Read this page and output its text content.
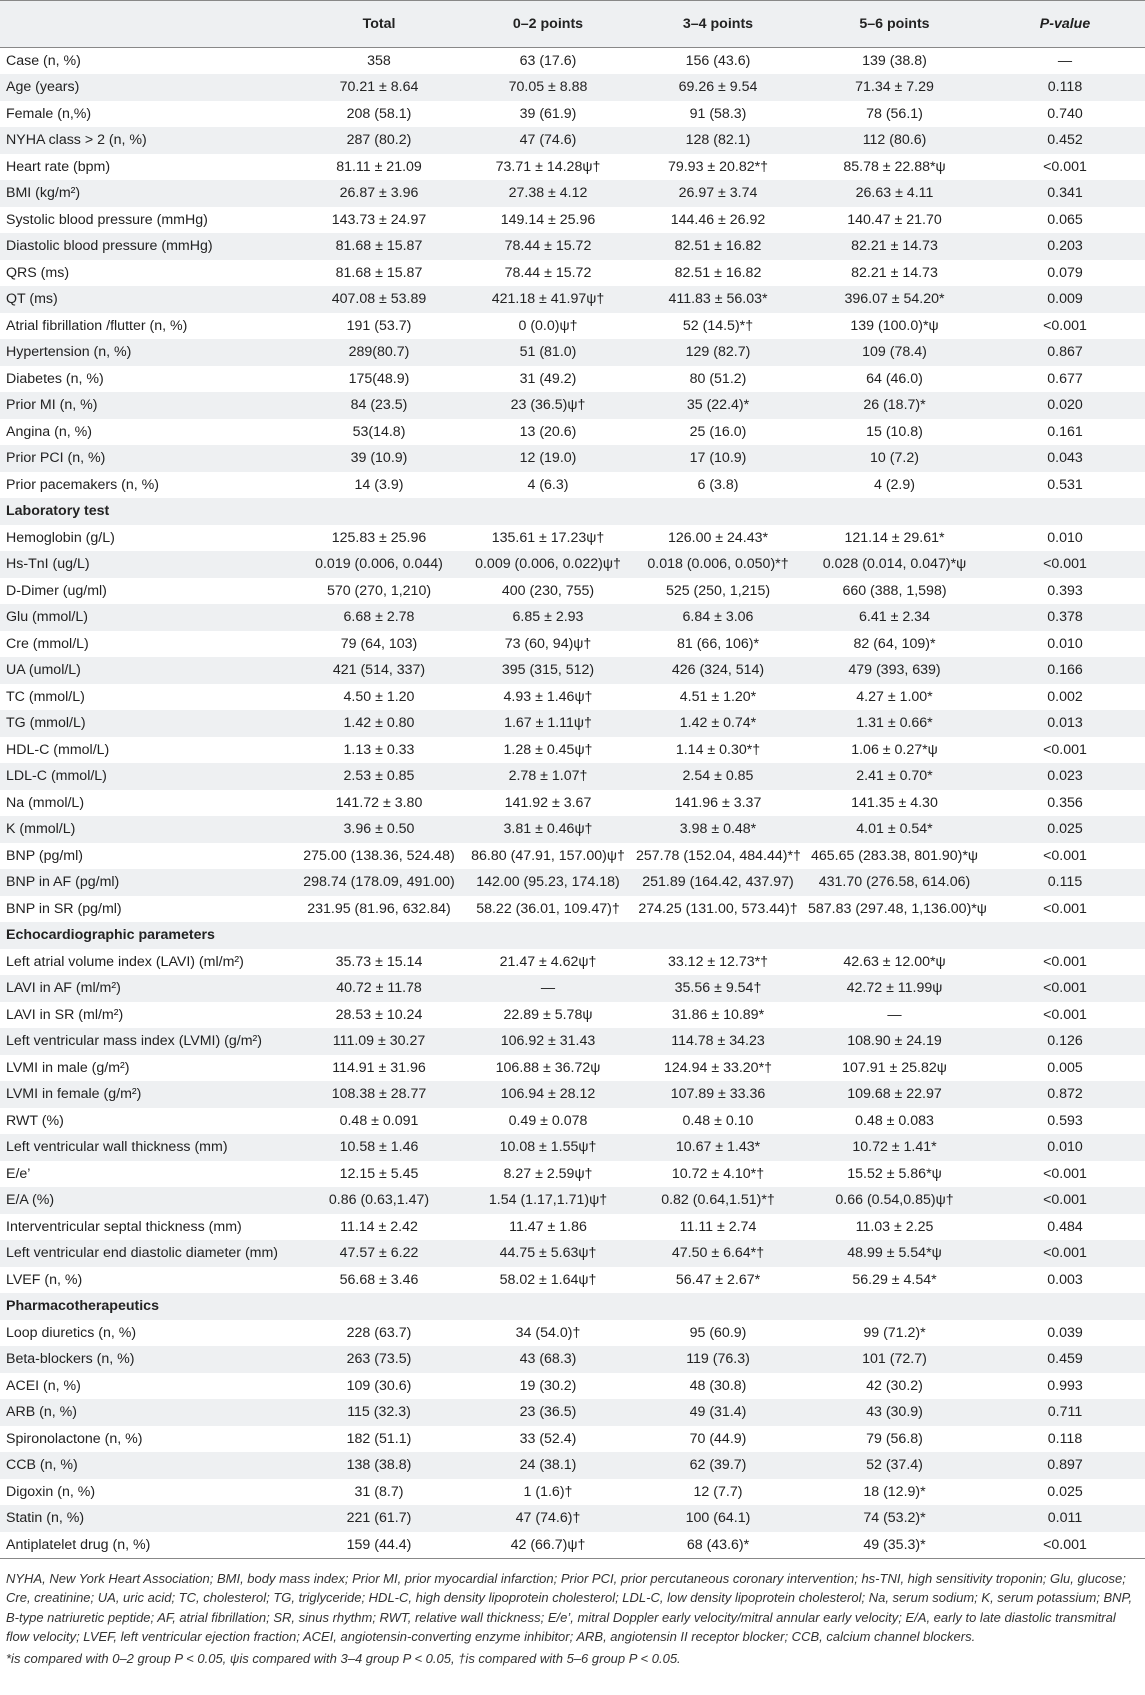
	Total	0–2 points	3–4 points	5–6 points	P-value
Case (n, %)	358	63 (17.6)	156 (43.6)	139 (38.8)	—
Age (years)	70.21 ± 8.64	70.05 ± 8.88	69.26 ± 9.54	71.34 ± 7.29	0.118
Female (n,%)	208 (58.1)	39 (61.9)	91 (58.3)	78 (56.1)	0.740
NYHA class > 2 (n, %)	287 (80.2)	47 (74.6)	128 (82.1)	112 (80.6)	0.452
Heart rate (bpm)	81.11 ± 21.09	73.71 ± 14.28ψ†	79.93 ± 20.82*†	85.78 ± 22.88*ψ	<0.001
BMI (kg/m²)	26.87 ± 3.96	27.38 ± 4.12	26.97 ± 3.74	26.63 ± 4.11	0.341
Systolic blood pressure (mmHg)	143.73 ± 24.97	149.14 ± 25.96	144.46 ± 26.92	140.47 ± 21.70	0.065
Diastolic blood pressure (mmHg)	81.68 ± 15.87	78.44 ± 15.72	82.51 ± 16.82	82.21 ± 14.73	0.203
QRS (ms)	81.68 ± 15.87	78.44 ± 15.72	82.51 ± 16.82	82.21 ± 14.73	0.079
QT (ms)	407.08 ± 53.89	421.18 ± 41.97ψ†	411.83 ± 56.03*	396.07 ± 54.20*	0.009
Atrial fibrillation /flutter (n, %)	191 (53.7)	0 (0.0)ψ†	52 (14.5)*†	139 (100.0)*ψ	<0.001
Hypertension (n, %)	289(80.7)	51 (81.0)	129 (82.7)	109 (78.4)	0.867
Diabetes (n, %)	175(48.9)	31 (49.2)	80 (51.2)	64 (46.0)	0.677
Prior MI (n, %)	84 (23.5)	23 (36.5)ψ†	35 (22.4)*	26 (18.7)*	0.020
Angina (n, %)	53(14.8)	13 (20.6)	25 (16.0)	15 (10.8)	0.161
Prior PCI (n, %)	39 (10.9)	12 (19.0)	17 (10.9)	10 (7.2)	0.043
Prior pacemakers (n, %)	14 (3.9)	4 (6.3)	6 (3.8)	4 (2.9)	0.531
Laboratory test					
Hemoglobin (g/L)	125.83 ± 25.96	135.61 ± 17.23ψ†	126.00 ± 24.43*	121.14 ± 29.61*	0.010
Hs-TnI (ug/L)	0.019 (0.006, 0.044)	0.009 (0.006, 0.022)ψ†	0.018 (0.006, 0.050)*†	0.028 (0.014, 0.047)*ψ	<0.001
D-Dimer (ug/ml)	570 (270, 1,210)	400 (230, 755)	525 (250, 1,215)	660 (388, 1,598)	0.393
Glu (mmol/L)	6.68 ± 2.78	6.85 ± 2.93	6.84 ± 3.06	6.41 ± 2.34	0.378
Cre (mmol/L)	79 (64, 103)	73 (60, 94)ψ†	81 (66, 106)*	82 (64, 109)*	0.010
UA (umol/L)	421 (514, 337)	395 (315, 512)	426 (324, 514)	479 (393, 639)	0.166
TC (mmol/L)	4.50 ± 1.20	4.93 ± 1.46ψ†	4.51 ± 1.20*	4.27 ± 1.00*	0.002
TG (mmol/L)	1.42 ± 0.80	1.67 ± 1.11ψ†	1.42 ± 0.74*	1.31 ± 0.66*	0.013
HDL-C (mmol/L)	1.13 ± 0.33	1.28 ± 0.45ψ†	1.14 ± 0.30*†	1.06 ± 0.27*ψ	<0.001
LDL-C (mmol/L)	2.53 ± 0.85	2.78 ± 1.07†	2.54 ± 0.85	2.41 ± 0.70*	0.023
Na (mmol/L)	141.72 ± 3.80	141.92 ± 3.67	141.96 ± 3.37	141.35 ± 4.30	0.356
K (mmol/L)	3.96 ± 0.50	3.81 ± 0.46ψ†	3.98 ± 0.48*	4.01 ± 0.54*	0.025
BNP (pg/ml)	275.00 (138.36, 524.48)	86.80 (47.91, 157.00)ψ†	257.78 (152.04, 484.44)*†	465.65 (283.38, 801.90)*ψ	<0.001
BNP in AF (pg/ml)	298.74 (178.09, 491.00)	142.00 (95.23, 174.18)	251.89 (164.42, 437.97)	431.70 (276.58, 614.06)	0.115
BNP in SR (pg/ml)	231.95 (81.96, 632.84)	58.22 (36.01, 109.47)†	274.25 (131.00, 573.44)†	587.83 (297.48, 1,136.00)*ψ	<0.001
Echocardiographic parameters					
Left atrial volume index (LAVI) (ml/m²)	35.73 ± 15.14	21.47 ± 4.62ψ†	33.12 ± 12.73*†	42.63 ± 12.00*ψ	<0.001
LAVI in AF (ml/m²)	40.72 ± 11.78	—	35.56 ± 9.54†	42.72 ± 11.99ψ	<0.001
LAVI in SR (ml/m²)	28.53 ± 10.24	22.89 ± 5.78ψ	31.86 ± 10.89*	—	<0.001
Left ventricular mass index (LVMI) (g/m²)	111.09 ± 30.27	106.92 ± 31.43	114.78 ± 34.23	108.90 ± 24.19	0.126
LVMI in male (g/m²)	114.91 ± 31.96	106.88 ± 36.72ψ	124.94 ± 33.20*†	107.91 ± 25.82ψ	0.005
LVMI in female (g/m²)	108.38 ± 28.77	106.94 ± 28.12	107.89 ± 33.36	109.68 ± 22.97	0.872
RWT (%)	0.48 ± 0.091	0.49 ± 0.078	0.48 ± 0.10	0.48 ± 0.083	0.593
Left ventricular wall thickness (mm)	10.58 ± 1.46	10.08 ± 1.55ψ†	10.67 ± 1.43*	10.72 ± 1.41*	0.010
E/e’	12.15 ± 5.45	8.27 ± 2.59ψ†	10.72 ± 4.10*†	15.52 ± 5.86*ψ	<0.001
E/A (%)	0.86 (0.63,1.47)	1.54 (1.17,1.71)ψ†	0.82 (0.64,1.51)*†	0.66 (0.54,0.85)ψ†	<0.001
Interventricular septal thickness (mm)	11.14 ± 2.42	11.47 ± 1.86	11.11 ± 2.74	11.03 ± 2.25	0.484
Left ventricular end diastolic diameter (mm)	47.57 ± 6.22	44.75 ± 5.63ψ†	47.50 ± 6.64*†	48.99 ± 5.54*ψ	<0.001
LVEF (n, %)	56.68 ± 3.46	58.02 ± 1.64ψ†	56.47 ± 2.67*	56.29 ± 4.54*	0.003
Pharmacotherapeutics					
Loop diuretics (n, %)	228 (63.7)	34 (54.0)†	95 (60.9)	99 (71.2)*	0.039
Beta-blockers (n, %)	263 (73.5)	43 (68.3)	119 (76.3)	101 (72.7)	0.459
ACEI (n, %)	109 (30.6)	19 (30.2)	48 (30.8)	42 (30.2)	0.993
ARB (n, %)	115 (32.3)	23 (36.5)	49 (31.4)	43 (30.9)	0.711
Spironolactone (n, %)	182 (51.1)	33 (52.4)	70 (44.9)	79 (56.8)	0.118
CCB (n, %)	138 (38.8)	24 (38.1)	62 (39.7)	52 (37.4)	0.897
Digoxin (n, %)	31 (8.7)	1 (1.6)†	12 (7.7)	18 (12.9)*	0.025
Statin (n, %)	221 (61.7)	47 (74.6)†	100 (64.1)	74 (53.2)*	0.011
Antiplatelet drug (n, %)	159 (44.4)	42 (66.7)ψ†	68 (43.6)*	49 (35.3)*	<0.001

NYHA, New York Heart Association; BMI, body mass index; Prior MI, prior myocardial infarction; Prior PCI, prior percutaneous coronary intervention; hs-TNI, high sensitivity troponin; Glu, glucose; Cre, creatinine; UA, uric acid; TC, cholesterol; TG, triglyceride; HDL-C, high density lipoprotein cholesterol; LDL-C, low density lipoprotein cholesterol; Na, serum sodium; K, serum potassium; BNP, B-type natriuretic peptide; AF, atrial fibrillation; SR, sinus rhythm; RWT, relative wall thickness; E/e’, mitral Doppler early velocity/mitral annular early velocity; E/A, early to late diastolic transmitral flow velocity; LVEF, left ventricular ejection fraction; ACEI, angiotensin-converting enzyme inhibitor; ARB, angiotensin II receptor blocker; CCB, calcium channel blockers.

*is compared with 0–2 group P < 0.05, ψis compared with 3–4 group P < 0.05, †is compared with 5–6 group P < 0.05.
